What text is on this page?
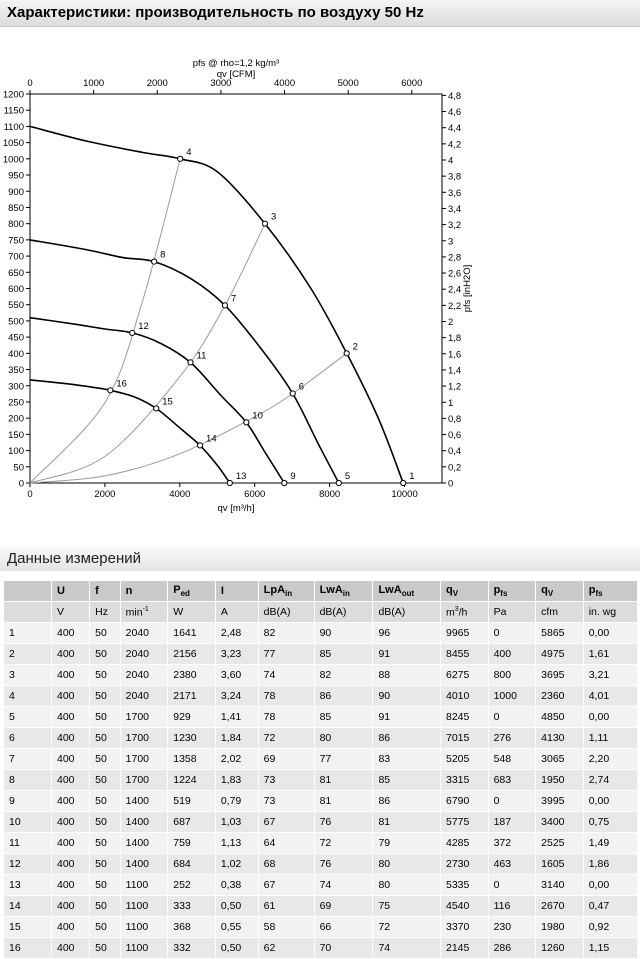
Характеристики: производительность по воздуху 50 Hz
0	2000	4000	6000	8000	10000
0	1000	2000	3000	4000	5000	6000
0
50
100
150
200
250
300
350
400
450
500
550
600
650
700
750
800
850
900
950
1000
1050
1100
1150
1200
0
0,2
0,4
0,6
0,8
1
1,2
1,4
1,6
1,8
2
2,2
2,4
2,6
2,8
3
3,2
3,4
3,6
3,8
4
4,2
4,4
4,6
4,8
pfs @ rho=1,2 kg/m³
qv [CFM]
qv [m³/h]
pfs [inH2O]
1
2
3
4
5
6
7
8
9
10
11
12
13
14
15
16
Данные измерений
	U	f	n	$P_{ed}$	I	LpA$_{in}$	LwA$_{in}$	LwA$_{out}$	$q_V$	$p_{fs}$	$q_V$	$p_{fs}$
	V	Hz	$\min^{-1}$	W	A	dB(A)	dB(A)	dB(A)	$m^3/h$	Pa	cfm	in. wg
1	400	50	2040	1641	2,48	82	90	96	9965	0	5865	0,00
2	400	50	2040	2156	3,23	77	85	91	8455	400	4975	1,61
3	400	50	2040	2380	3,60	74	82	88	6275	800	3695	3,21
4	400	50	2040	2171	3,24	78	86	90	4010	1000	2360	4,01
5	400	50	1700	929	1,41	78	85	91	8245	0	4850	0,00
6	400	50	1700	1230	1,84	72	80	86	7015	276	4130	1,11
7	400	50	1700	1358	2,02	69	77	83	5205	548	3065	2,20
8	400	50	1700	1224	1,83	73	81	85	3315	683	1950	2,74
9	400	50	1400	519	0,79	73	81	86	6790	0	3995	0,00
10	400	50	1400	687	1,03	67	76	81	5775	187	3400	0,75
11	400	50	1400	759	1,13	64	72	79	4285	372	2525	1,49
12	400	50	1400	684	1,02	68	76	80	2730	463	1605	1,86
13	400	50	1100	252	0,38	67	74	80	5335	0	3140	0,00
14	400	50	1100	333	0,50	61	69	75	4540	116	2670	0,47
15	400	50	1100	368	0,55	58	66	72	3370	230	1980	0,92
16	400	50	1100	332	0,50	62	70	74	2145	286	1260	1,15
